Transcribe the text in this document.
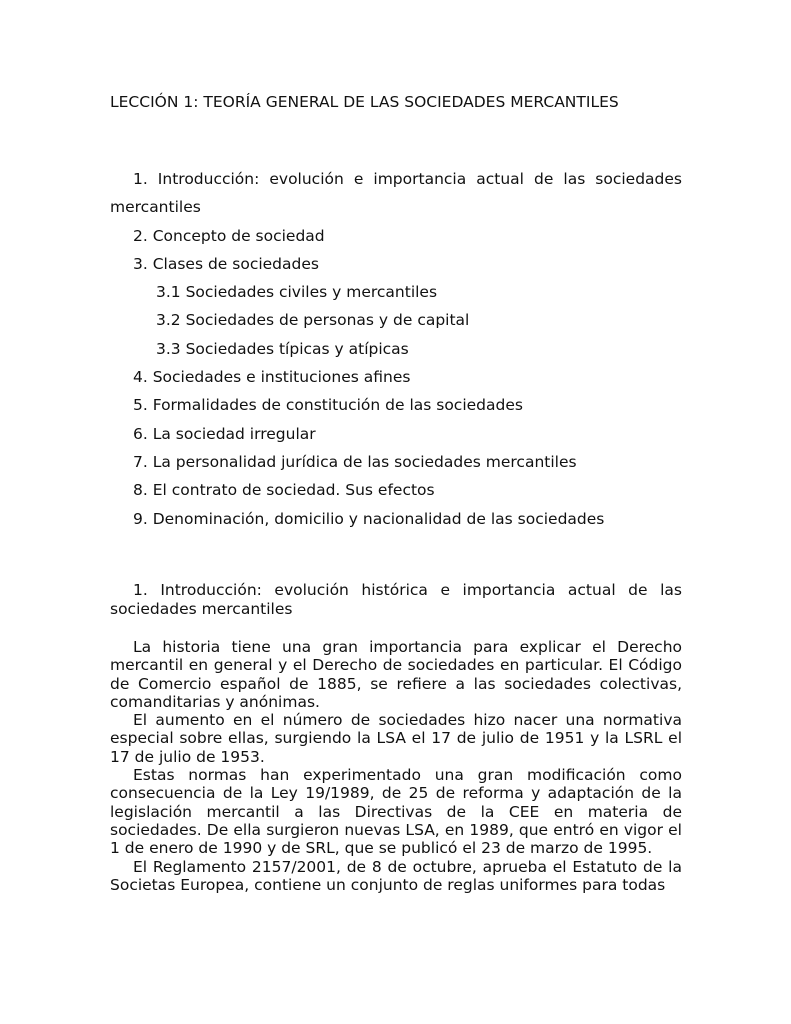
LECCIÓN 1: TEORÍA GENERAL DE LAS SOCIEDADES MERCANTILES
1. Introducción: evolución e importancia actual de las sociedades
mercantiles
2. Concepto de sociedad
3. Clases de sociedades
3.1 Sociedades civiles y mercantiles
3.2 Sociedades de personas y de capital
3.3 Sociedades típicas y atípicas
4. Sociedades e instituciones afines
5. Formalidades de constitución de las sociedades
6. La sociedad irregular
7. La personalidad jurídica de las sociedades mercantiles
8. El contrato de sociedad. Sus efectos
9. Denominación, domicilio y nacionalidad de las sociedades
1. Introducción: evolución histórica e importancia actual de las sociedades mercantiles

La historia tiene una gran importancia para explicar el Derecho mercantil en general y el Derecho de sociedades en particular. El Código de Comercio español de 1885, se refiere a las sociedades colectivas, comanditarias y anónimas.

El aumento en el número de sociedades hizo nacer una normativa especial sobre ellas, surgiendo la LSA el 17 de julio de 1951 y la LSRL el 17 de julio de 1953.

Estas normas han experimentado una gran modificación como consecuencia de la Ley 19/1989, de 25 de reforma y adaptación de la legislación mercantil a las Directivas de la CEE en materia de sociedades. De ella surgieron nuevas LSA, en 1989, que entró en vigor el 1 de enero de 1990 y de SRL, que se publicó el 23 de marzo de 1995.

El Reglamento 2157/2001, de 8 de octubre, aprueba el Estatuto de la Societas Europea, contiene un conjunto de reglas uniformes para todas
